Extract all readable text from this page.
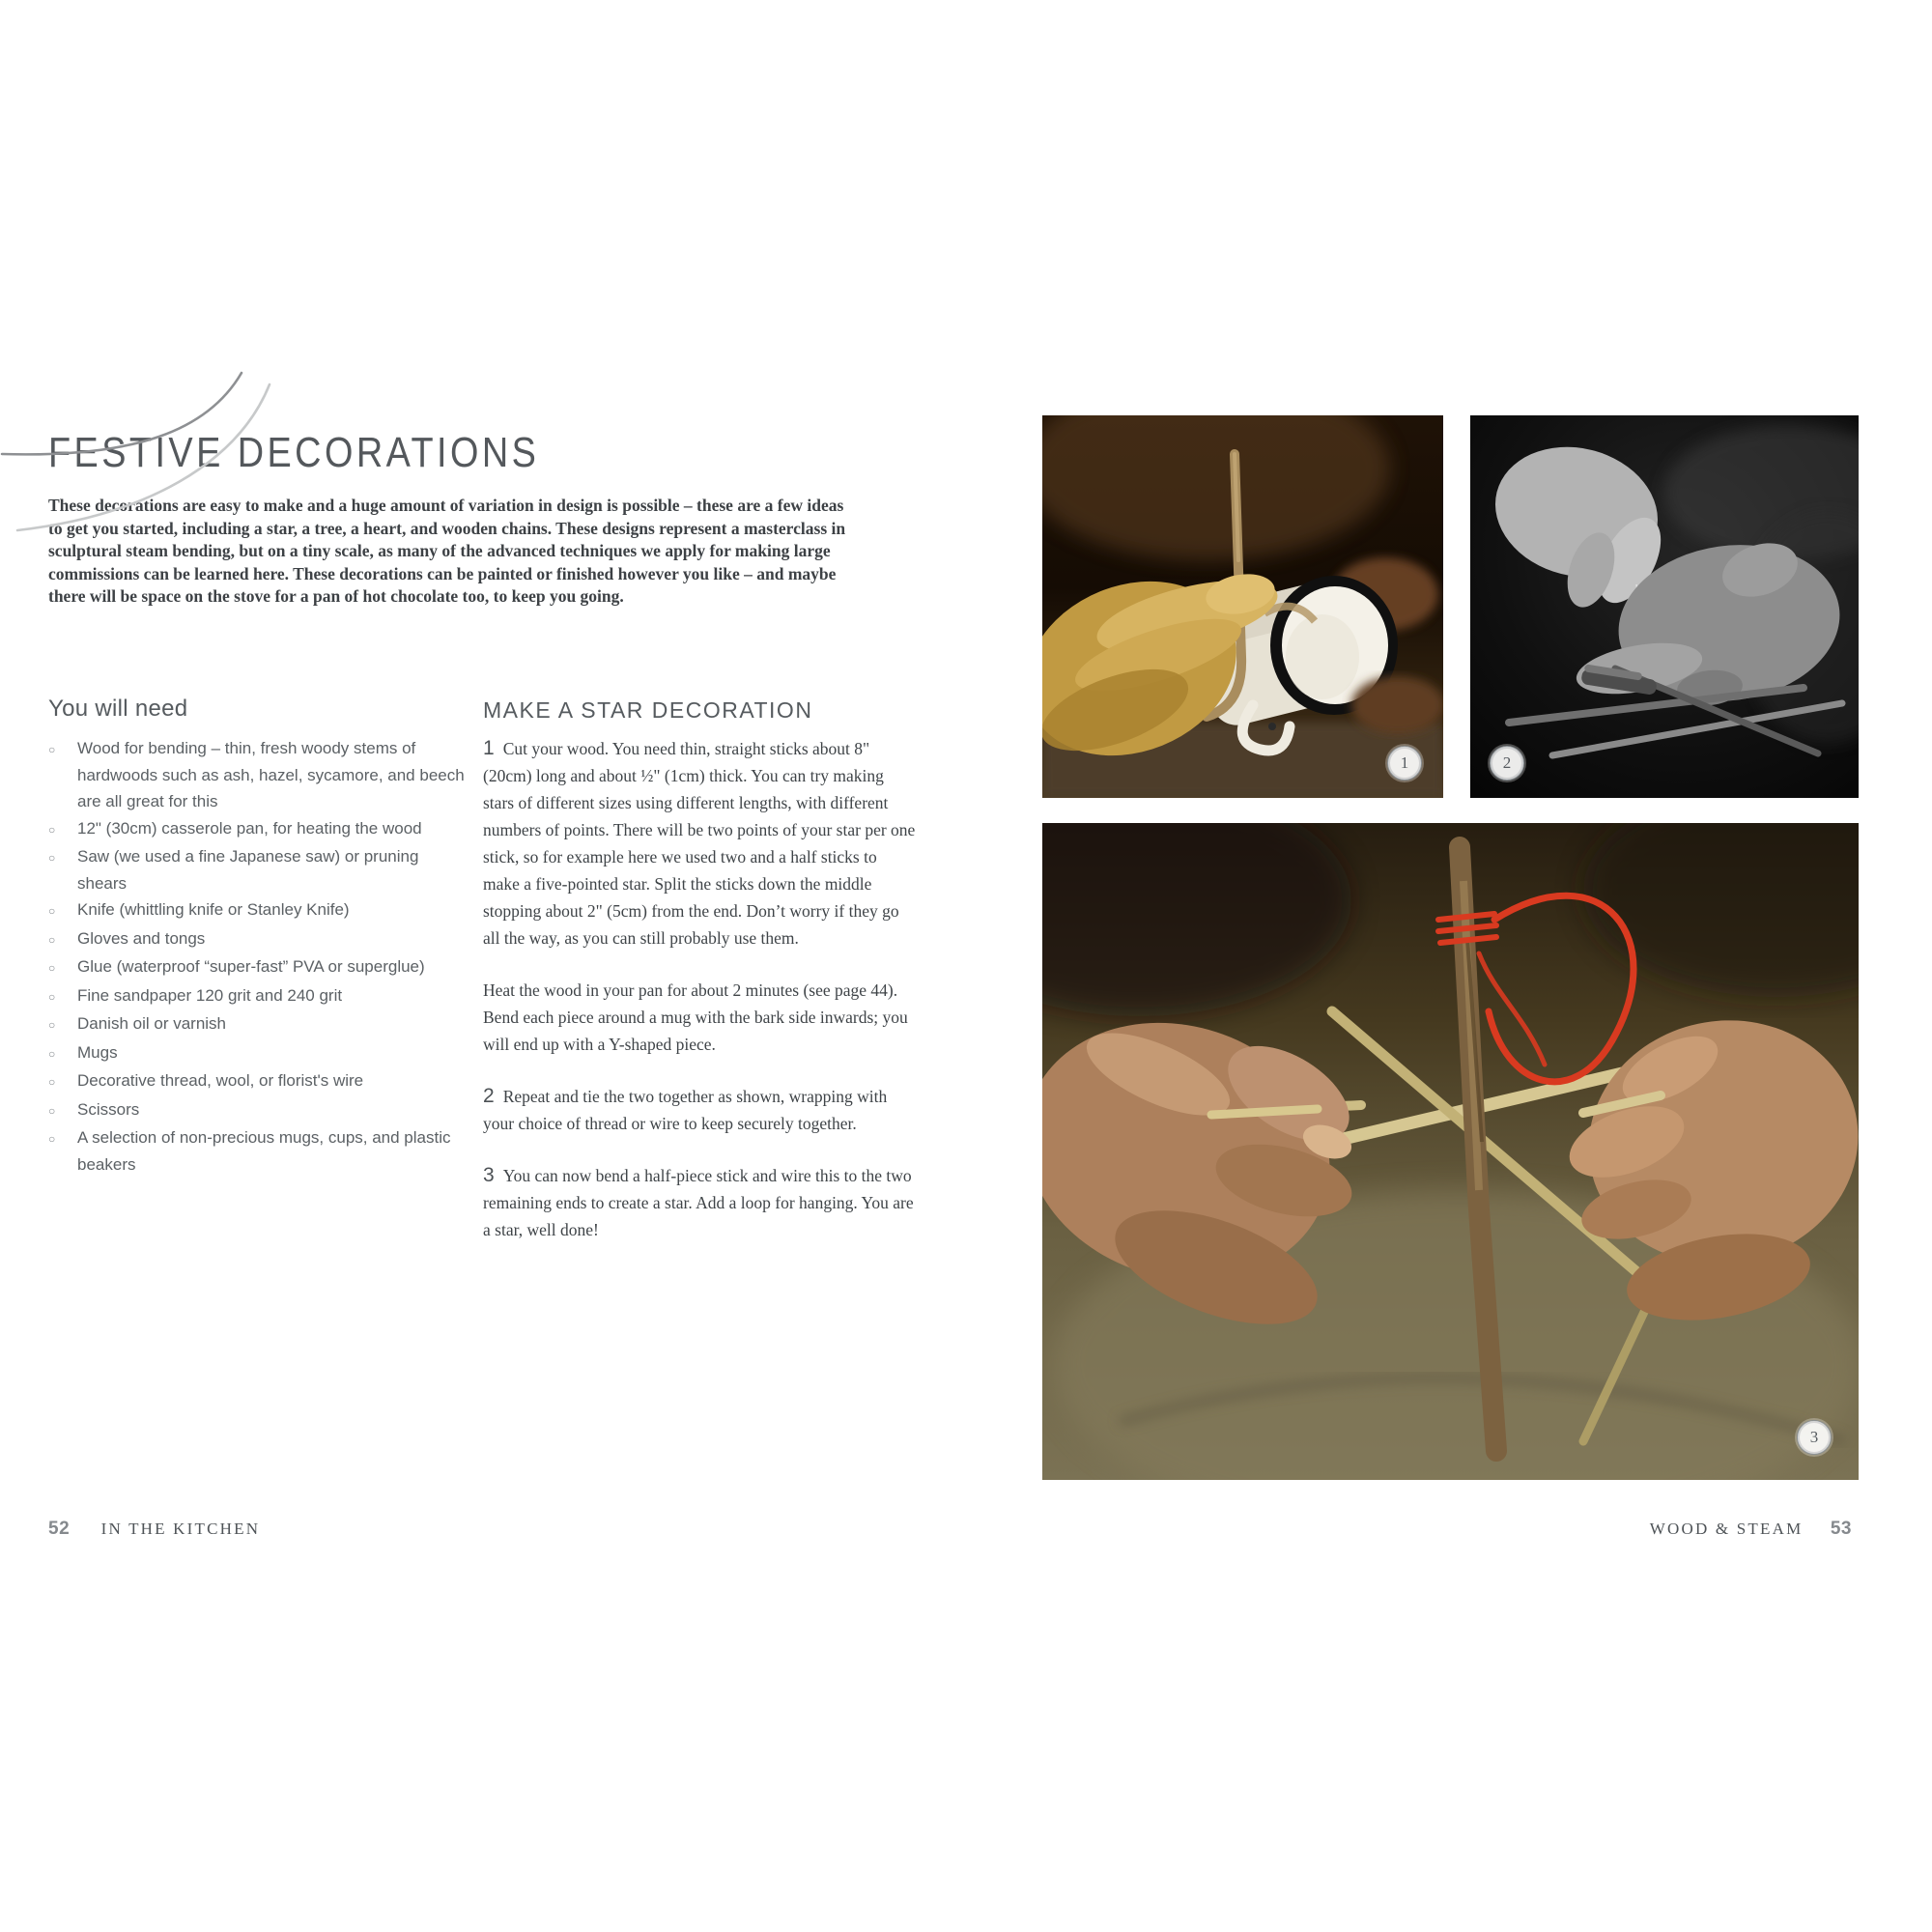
FESTIVE DECORATIONS

These decorations are easy to make and a huge amount of variation in design is possible – these are a few ideas to get you started, including a star, a tree, a heart, and wooden chains. These designs represent a masterclass in sculptural steam bending, but on a tiny scale, as many of the advanced techniques we apply for making large commissions can be learned here. These decorations can be painted or finished however you like – and maybe there will be space on the stove for a pan of hot chocolate too, to keep you going.

You will need
○	Wood for bending – thin, fresh woody stems of hardwoods such as ash, hazel, sycamore, and beech are all great for this
○	12" (30cm) casserole pan, for heating the wood
○	Saw (we used a fine Japanese saw) or pruning shears
○	Knife (whittling knife or Stanley Knife)
○	Gloves and tongs
○	Glue (waterproof “super-fast” PVA or superglue)
○	Fine sandpaper 120 grit and 240 grit
○	Danish oil or varnish
○	Mugs
○	Decorative thread, wool, or florist's wire
○	Scissors
○	A selection of non-precious mugs, cups, and plastic beakers
MAKE A STAR DECORATION

1 Cut your wood. You need thin, straight sticks about 8" (20cm) long and about ½" (1cm) thick. You can try making stars of different sizes using different lengths, with different numbers of points. There will be two points of your star per one stick, so for example here we used two and a half sticks to make a five-pointed star. Split the sticks down the middle stopping about 2" (5cm) from the end. Don’t worry if they go all the way, as you can still probably use them.

Heat the wood in your pan for about 2 minutes (see page 44). Bend each piece around a mug with the bark side inwards; you will end up with a Y-shaped piece.

2 Repeat and tie the two together as shown, wrapping with your choice of thread or wire to keep securely together.

3 You can now bend a half-piece stick and wire this to the two remaining ends to create a star. Add a loop for hanging. You are a star, well done!

1	2
3
52 IN THE KITCHEN	WOOD & STEAM 53
